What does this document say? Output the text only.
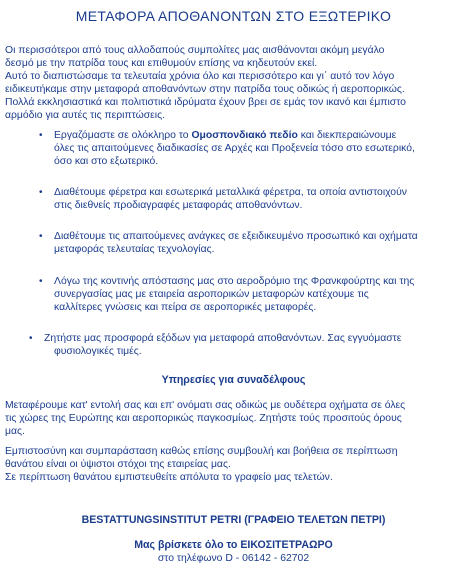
ΜΕΤΑΦΟΡΑ ΑΠΟΘΑΝΟΝΤΩΝ ΣΤΟ ΕΞΩΤΕΡΙΚΟ

Οι περισσότεροι από τους αλλοδαπούς συμπολίτες μας αισθάνονται ακόμη μεγάλο
δεσμό με την πατρίδα τους και επιθυμούν επίσης να κηδευτούν εκεί.
Αυτό το διαπιστώσαμε τα τελευταία χρόνια όλο και περισσότερο και γι΄ αυτό τον λόγο
ειδικευτήκαμε στην μεταφορά αποθανόντων στην πατρίδα τους οδικώς ή αεροπορικώς.
Πολλά εκκλησιαστικά και πολιτιστικά ιδρύματα έχουν βρει σε εμάς τον ικανό και έμπιστο
αρμόδιο για αυτές τις περιπτώσεις.

• Εργαζόμαστε σε ολόκληρο το Ομοσπονδιακό πεδίο και διεκπεραιώνουμε
όλες τις απαιτούμενες διαδικασίες σε Αρχές και Προξενεία τόσο στο εσωτερικό,
όσο και στο εξωτερικό.
• Διαθέτουμε φέρετρα και εσωτερικά μεταλλικά φέρετρα, τα οποία αντιστοιχούν
στις διεθνείς προδιαγραφές μεταφοράς αποθανόντων.
• Διαθέτουμε τις απαιτούμενες ανάγκες σε εξειδικευμένο προσωπικό και οχήματα
μεταφοράς τελευταίας τεχνολογίας.
• Λόγω της κοντινής απόστασης μας στο αεροδρόμιο της Φρανκφούρτης και της
συνεργασίας μας με εταιρεία αεροπορικών μεταφορών κατέχουμε τις
καλλίτερες γνώσεις και πείρα σε αεροπορικές μεταφορές.
• Ζητήστε μας προσφορά εξόδων για μεταφορά αποθανόντων. Σας εγγυόμαστε
φυσιολογικές τιμές.
Υπηρεσίες για συναδέλφους

Μεταφέρουμε κατ' εντολή σας και επ' ονόματι σας οδικώς με ουδέτερα οχήματα σε όλες
τις χώρες της Ευρώπης και αεροπορικώς παγκοσμίως. Ζητήστε τούς προσιτούς όρους
μας.

Εμπιστοσύνη και συμπαράσταση καθώς επίσης συμβουλή και βοήθεια σε περίπτωση
θανάτου είναι οι ύψιστοι στόχοι της εταιρείας μας.
Σε περίπτωση θανάτου εμπιστευθείτε απόλυτα το γραφείο μας τελετών.

BESTATTUNGSINSTITUT PETRI (ΓΡΑΦΕΙΟ ΤΕΛΕΤΩΝ ΠΕΤΡΙ)
Μας βρίσκετε όλο το ΕΙΚΟΣΙΤΕΤΡΑΩΡΟ
στο τηλέφωνο D - 06142 - 62702
